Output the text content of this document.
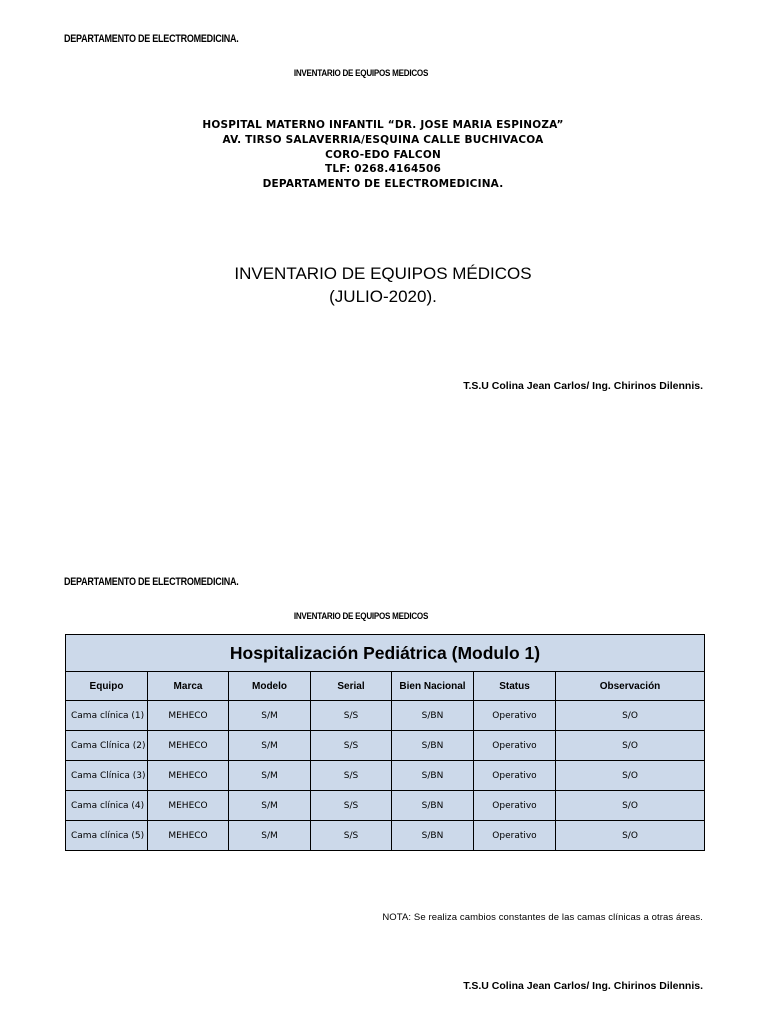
DEPARTAMENTO DE ELECTROMEDICINA.
INVENTARIO DE EQUIPOS MEDICOS
HOSPITAL MATERNO INFANTIL “DR. JOSE MARIA ESPINOZA”
AV. TIRSO SALAVERRIA/ESQUINA CALLE BUCHIVACOA
CORO-EDO FALCON
TLF: 0268.4164506
DEPARTAMENTO DE ELECTROMEDICINA.
INVENTARIO DE EQUIPOS MÉDICOS
(JULIO-2020).
T.S.U Colina Jean Carlos/ Ing. Chirinos Dilennis.
DEPARTAMENTO DE ELECTROMEDICINA.
INVENTARIO DE EQUIPOS MEDICOS
Hospitalización Pediátrica (Modulo 1)						
Equipo	Marca	Modelo	Serial	Bien Nacional	Status	Observación
Cama clínica (1)	MEHECO	S/M	S/S	S/BN	Operativo	S/O
Cama Clínica (2)	MEHECO	S/M	S/S	S/BN	Operativo	S/O
Cama Clínica (3)	MEHECO	S/M	S/S	S/BN	Operativo	S/O
Cama clínica (4)	MEHECO	S/M	S/S	S/BN	Operativo	S/O
Cama clínica (5)	MEHECO	S/M	S/S	S/BN	Operativo	S/O
NOTA: Se realiza cambios constantes de las camas clínicas a otras áreas.
T.S.U Colina Jean Carlos/ Ing. Chirinos Dilennis.
